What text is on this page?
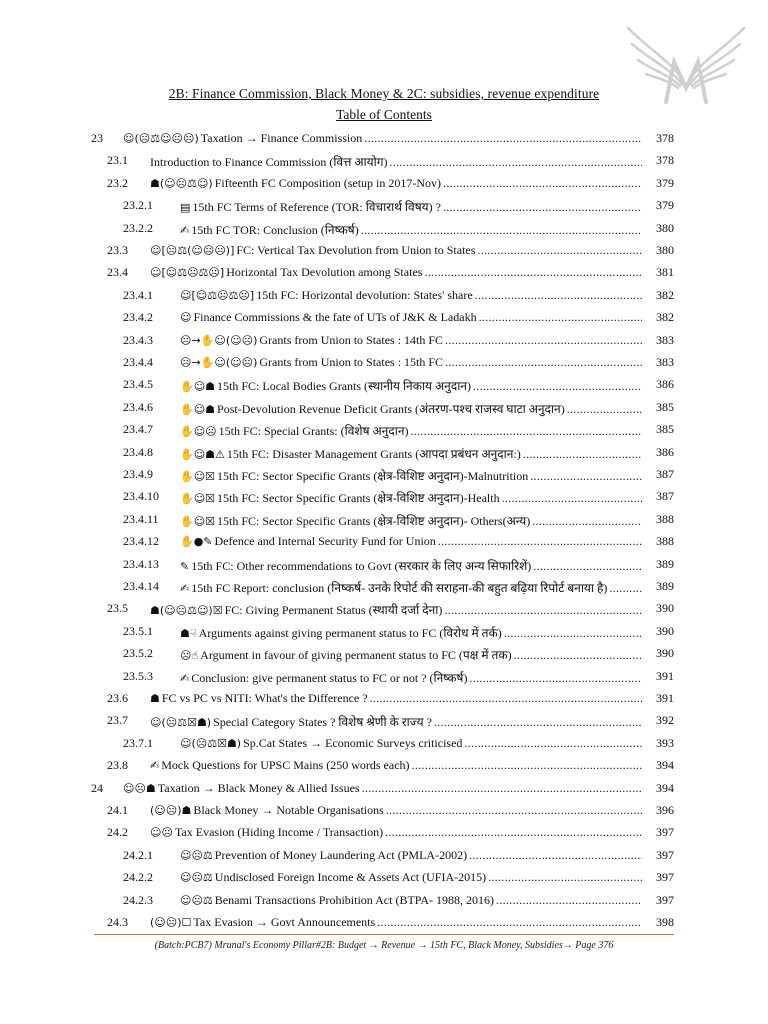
2B: Finance Commission, Black Money & 2C: subsidies, revenue expenditure
Table of Contents
23 ☺(☹⚖☺☹☹) Taxation → Finance Commission .....	378
23.1 Introduction to Finance Commission (वित्त आयोग) .....	378
23.2 ☗(☺☹⚖☺) Fifteenth FC Composition (setup in 2017-Nov) .....	379
23.2.1 ▤ 15th FC Terms of Reference (TOR: विचारार्थ विषय) ? .....	379
23.2.2 ✍ 15th FC TOR: Conclusion (निष्कर्ष) .....	380
23.3 ☺[☹⚖(☺☹☹)] FC: Vertical Tax Devolution from Union to States .....	380
23.4 ☺[☺⚖☹⚖☹] Horizontal Tax Devolution among States .....	381
23.4.1 ☺[☺⚖☹⚖☹] 15th FC: Horizontal devolution: States' share .....	382
23.4.2 ☺ Finance Commissions & the fate of UTs of J&K & Ladakh .....	382
23.4.3 ☹→✋☺(☺☹) Grants from Union to States : 14th FC .....	383
23.4.4 ☹→✋☺(☺☹) Grants from Union to States : 15th FC .....	383
23.4.5 ✋☺☗ 15th FC: Local Bodies Grants (स्थानीय निकाय अनुदान) .....	386
23.4.6 ✋☺☗ Post-Devolution Revenue Deficit Grants (अंतरण-पश्च राजस्व घाटा अनुदान) .....	385
23.4.7 ✋☺☹ 15th FC: Special Grants: (विशेष अनुदान) .....	385
23.4.8 ✋☺☗⚠ 15th FC: Disaster Management Grants (आपदा प्रबंधन अनुदान:) .....	386
23.4.9 ✋☺☒ 15th FC: Sector Specific Grants (क्षेत्र-विशिष्ट अनुदान)-Malnutrition .....	387
23.4.10 ✋☺☒ 15th FC: Sector Specific Grants (क्षेत्र-विशिष्ट अनुदान)-Health .....	387
23.4.11 ✋☺☒ 15th FC: Sector Specific Grants (क्षेत्र-विशिष्ट अनुदान)- Others(अन्य) .....	388
23.4.12 ✋●✎ Defence and Internal Security Fund for Union .....	388
23.4.13 ✎ 15th FC: Other recommendations to Govt (सरकार के लिए अन्य सिफारिशें) .....	389
23.4.14 ✍ 15th FC Report: conclusion (निष्कर्ष- उनके रिपोर्ट की सराहना-की बहुत बढ़िया रिपोर्ट बनाया है) .....	389
23.5 ☗(☺☹⚖☺)☒ FC: Giving Permanent Status (स्थायी दर्जा देना) .....	390
23.5.1 ☗☟ Arguments against giving permanent status to FC (विरोध में तर्क) .....	390
23.5.2 ☹☝ Argument in favour of giving permanent status to FC (पक्ष में तक) .....	390
23.5.3 ✍ Conclusion: give permanent status to FC or not ? (निष्कर्ष) .....	391
23.6 ☗ FC vs PC vs NITI: What's the Difference ? .....	391
23.7 ☺(☹⚖☒☗) Special Category States ? विशेष श्रेणी के राज्य ? .....	392
23.7.1 ☺(☹⚖☒☗) Sp.Cat States → Economic Surveys criticised .....	393
23.8 ✍ Mock Questions for UPSC Mains (250 words each) .....	394
24 ☺☹☗ Taxation → Black Money & Allied Issues .....	394
24.1 (☺☹)☗ Black Money → Notable Organisations .....	396
24.2 ☺☹ Tax Evasion (Hiding Income / Transaction) .....	397
24.2.1 ☺☹⚖ Prevention of Money Laundering Act (PMLA-2002) .....	397
24.2.2 ☺☹⚖ Undisclosed Foreign Income & Assets Act (UFIA-2015) .....	397
24.2.3 ☺☹⚖ Benami Transactions Prohibition Act (BTPA- 1988, 2016) .....	397
24.3 (☺☹)☐ Tax Evasion → Govt Announcements .....	398
(Batch:PCB7) Mrunal's Economy Pillar#2B: Budget → Revenue → 15th FC, Black Money, Subsidies→ Page 376
